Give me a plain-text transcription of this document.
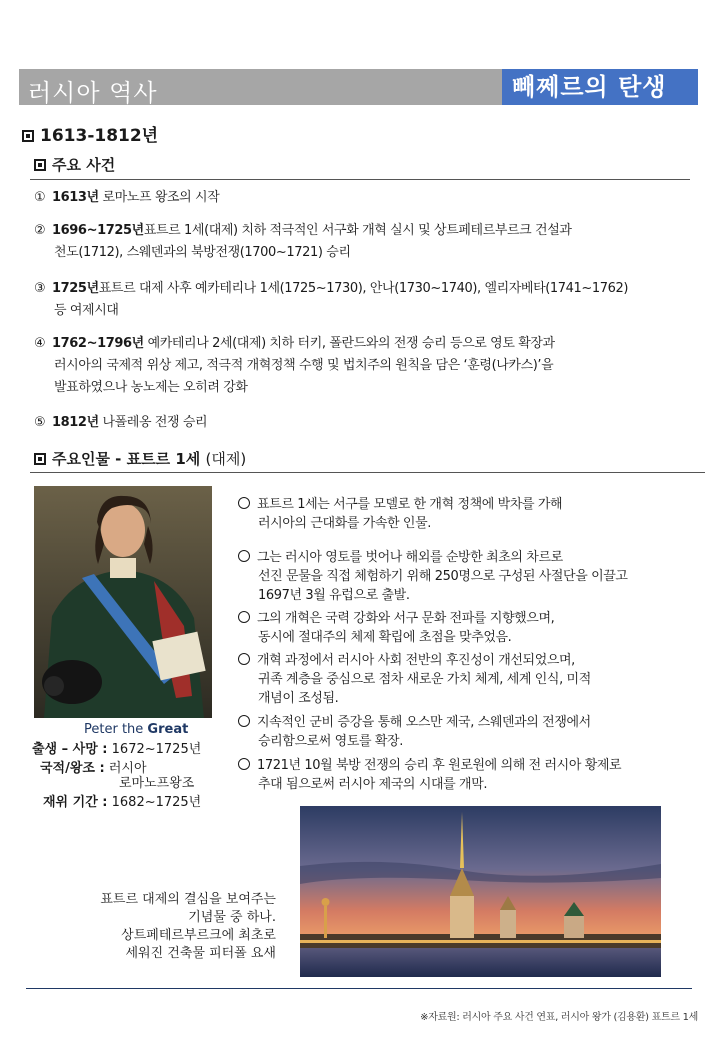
러시아 역사	빼쩨르의 탄생
1613-1812년
주요 사건
① 1613년 로마노프 왕조의 시작
② 1696~1725년표트르 1세(대제) 치하 적극적인 서구화 개혁 실시 및 상트페테르부르크 건설과
천도(1712), 스웨덴과의 북방전쟁(1700~1721) 승리
③ 1725년표트르 대제 사후 예카테리나 1세(1725~1730), 안나(1730~1740), 엘리자베타(1741~1762)
등 여제시대
④ 1762~1796년 예카테리나 2세(대제) 치하 터키, 폴란드와의 전쟁 승리 등으로 영토 확장과
러시아의 국제적 위상 제고, 적극적 개혁정책 수행 및 법치주의 원칙을 담은 ‘훈령(나카스)’을
발표하였으나 농노제는 오히려 강화
⑤ 1812년 나폴레옹 전쟁 승리
주요인물 - 표트르 1세 (대제)
Peter the Great
출생 – 사망 : 1672~1725년
국적/왕조 : 러시아
로마노프왕조
재위 기간 : 1682~1725년
표트르 1세는 서구를 모델로 한 개혁 정책에 박차를 가해
러시아의 근대화를 가속한 인물.
그는 러시아 영토를 벗어나 해외를 순방한 최초의 차르로
선진 문물을 직접 체험하기 위해 250명으로 구성된 사절단을 이끌고
1697년 3월 유럽으로 출발.
그의 개혁은 국력 강화와 서구 문화 전파를 지향했으며,
동시에 절대주의 체제 확립에 초점을 맞추었음.
개혁 과정에서 러시아 사회 전반의 후진성이 개선되었으며,
귀족 계층을 중심으로 점차 새로운 가치 체계, 세계 인식, 미적
개념이 조성됨.
지속적인 군비 증강을 통해 오스만 제국, 스웨덴과의 전쟁에서
승리함으로써 영토를 확장.
1721년 10월 북방 전쟁의 승리 후 원로원에 의해 전 러시아 황제로
추대 됨으로써 러시아 제국의 시대를 개막.
표트르 대제의 결심을 보여주는
기념물 중 하나.
상트페테르부르크에 최초로
세워진 건축물 피터폴 요새
※자료원: 러시아 주요 사건 연표, 러시아 왕가 (김용환) 표트르 1세
